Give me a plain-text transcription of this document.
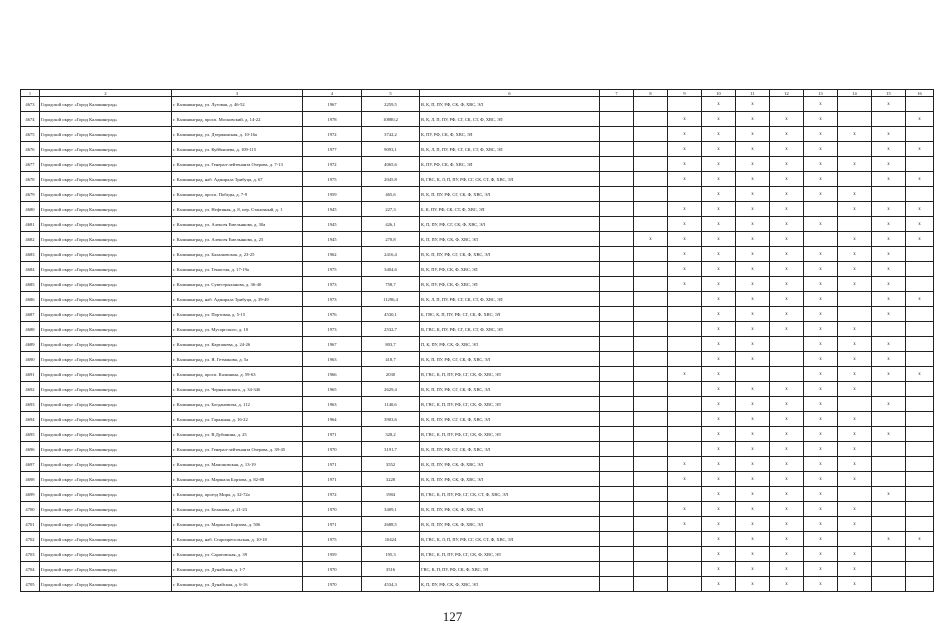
1	2	3	4	5	6	7	8	9	10	11	12	13	14	15	16
4673	Городской округ «Город Калининград»	г. Калининград, ул. Луговая, д. 46-52	1967	2259,5	В, К, П, ПУ, РФ, СК, Ф, ХВС, ЭЛ				x	x		x		x	
4674	Городской округ «Город Калининград»	г. Калининград, просп. Московский, д. 14-22	1978	10880,2	В, К, Л, П, ПУ, РФ, СГ, СК, СТ, Ф, ХВС, ЭЛ			x	x	x	x	x			x
4675	Городской округ «Город Калининград»	г. Калининград, ул. Дзержинская, д. 10-16а	1972	3742,2	К, ПУ, РФ, СК, Ф, ХВС, ЭЛ			x	x	x	x	x	x	x	
4676	Городской округ «Город Калининград»	г. Калининград, ул. Куйбышева, д. 109-115	1977	9093,1	В, К, Л, П, ПУ, РФ, СГ, СК, СТ, Ф, ХВС, ЭЛ			x	x	x	x	x		x	x
4677	Городской округ «Город Калининград»	г. Калининград, ул. Генерал-лейтенанта Озерова, д. 7-13	1972	4065,6	К, ПУ, РФ, СК, Ф, ХВС, ЭЛ			x	x	x	x	x	x	x	
4678	Городской округ «Город Калининград»	г. Калининград, наб. Адмирала Трибуца, д. 67	1975	2045,8	В, ГВС, К, Л, П, ПУ, РФ, СГ, СК, СТ, Ф, ХВС, ЭЛ			x	x	x	x	x		x	x
4679	Городской округ «Город Калининград»	г. Калининград, просп. Победы, д. 7-9	1959	465,6	В, К, П, ПУ, РФ, СГ, СК, Ф, ХВС, ЭЛ				x	x	x	x	x		
4680	Городской округ «Город Калининград»	г. Калининград, ул. Нефтяная, д. 8, пер. Станочный, д. 1	1945	227,3	Б, К, ПУ, РФ, СК, СТ, Ф, ХВС, ЭЛ			x	x	x	x		x	x	x
4681	Городской округ «Город Калининград»	г. Калининград, ул. Алексея Емельянова, д. 30а	1945	426,1	К, П, ПУ, РФ, СГ, СК, Ф, ХВС, ЭЛ			x	x	x	x	x		x	x
4682	Городской округ «Город Калининград»	г. Калининград, ул. Алексея Емельянова, д. 25	1945	270,8	К, П, ПУ, РФ, СК, Ф, ХВС, ЭЛ		x	x	x	x	x		x	x	x
4683	Городской округ «Город Калининград»	г. Калининград, ул. Балашовская, д. 23-25	1962	2416,4	В, К, П, ПУ, РФ, СГ, СК, Ф, ХВС, ЭЛ			x	x	x	x	x	x	x	
4684	Городской округ «Город Калининград»	г. Калининград, ул. Тенистая, д. 17-19а	1975	3404,6	В, К, ПУ, РФ, СК, Ф, ХВС, ЭЛ			x	x	x	x	x	x	x	
4685	Городской округ «Город Калининград»	г. Калининград, ул. Сувестрыханова, д. 36-40	1973	758,7	В, К, ПУ, РФ, СК, Ф, ХВС, ЭЛ			x	x	x	x	x	x	x	
4686	Городской округ «Город Калининград»	г. Калининград, наб. Адмирала Трибуца, д. 39-49	1973	11296,4	В, К, Л, П, ПУ, РФ, СГ, СК, СТ, Ф, ХВС, ЭЛ				x	x	x	x		x	x
4687	Городской округ «Город Калининград»	г. Калининград, ул. Портовая, д. 5-15	1976	4530,1	Б, ГВС, К, П, ПУ, РФ, СГ, СК, Ф, ХВС, ЭЛ				x	x	x	x		x	
4688	Городской округ «Город Калининград»	г. Калининград, ул. Мусоргского, д. 10	1973	2532,7	В, ГВС, К, ПУ, РФ, СГ, СК, СТ, Ф, ХВС, ЭЛ				x	x	x	x	x		
4689	Городской округ «Город Калининград»	г. Калининград, ул. Карташева, д. 24-26	1967	803,7	П, К, ПУ, РФ, СК, Ф, ХВС, ЭЛ				x	x		x	x	x	
4690	Городской округ «Город Калининград»	г. Калининград, ул. Я. Гетманова, д. 5а	1963	418,7	В, К, П, ПУ, РФ, СГ, СК, Ф, ХВС, ЭЛ				x	x		x	x	x	
4691	Городской округ «Город Калининград»	г. Калининград, просп. Калинина, д. 59-63	1966	2030	В, ГВС, К, П, ПУ, РФ, СГ, СК, Ф, ХВС, ЭЛ			x	x			x	x	x	x
4692	Городской округ «Город Калининград»	г. Калининград, ул. Черняховского, д. 34-34б	1965	2629,4	В, К, П, ПУ, РФ, СГ, СК, Ф, ХВС, ЭЛ				x	x	x	x	x		
4693	Городской округ «Город Калининград»	г. Калининград, ул. Богдановича, д. 112	1963	1140,6	В, ГВС, К, П, ПУ, РФ, СГ, СК, Ф, ХВС, ЭЛ				x	x	x	x		x	
4694	Городской округ «Город Калининград»	г. Калининград, ул. Гаражная, д. 16-22	1964	3903,6	В, К, П, ПУ, РФ, СГ, СК, Ф, ХВС, ЭЛ				x	x	x	x	x		
4695	Городской округ «Город Калининград»	г. Калининград, ул. В.Дубинина, д. 25	1971	328,2	В, ГВС, К, П, ПУ, РФ, СГ, СК, Ф, ХВС, ЭЛ				x	x	x	x	x	x	
4696	Городской округ «Город Калининград»	г. Калининград, ул. Генерал-лейтенанта Озерова, д. 39-45	1970	3191,7	В, К, П, ПУ, РФ, СГ, СК, Ф, ХВС, ЭЛ				x	x	x	x	x		
4697	Городской округ «Город Калининград»	г. Калининград, ул. Мамоновская, д. 13-19	1971	3552	В, К, П, ПУ, РФ, СК, Ф, ХВС, ЭЛ			x	x	x	x	x	x		
4698	Городской округ «Город Калининград»	г. Калининград, ул. Маршала Борзова, д. 82-88	1971	3228	В, К, П, ПУ, РФ, СК, Ф, ХВС, ЭЛ			x	x	x	x	x	x		
4699	Городской округ «Город Калининград»	г. Калининград, проезд Мира, д. 32-72а	1972	1984	В, ГВС, К, П, ПУ, РФ, СГ, СК, СТ, Ф, ХВС, ЭЛ				x	x	x	x		x	
4700	Городской округ «Город Калининград»	г. Калининград, ул. Беланова, д. 21-23	1970	3409,1	В, К, П, ПУ, РФ, СК, Ф, ХВС, ЭЛ			x	x	x	x	x	x		
4701	Городской округ «Город Калининград»	г. Калининград, ул. Маршала Борзова, д. 506	1971	2688,5	В, К, П, ПУ, РФ, СК, Ф, ХВС, ЭЛ			x	x	x	x	x	x		
4702	Городской округ «Город Калининград»	г. Калининград, наб. Старопрегольская, д. 10-18	1975	10424	В, ГВС, К, Л, П, ПУ, РФ, СГ, СК, СТ, Ф, ХВС, ЭЛ				x	x	x	x		x	x
4703	Городской округ «Город Калининград»	г. Калининград, ул. Саратовская, д. 39	1959	195,3	В, ГВС, К, П, ПУ, РФ, СГ, СК, Ф, ХВС, ЭЛ				x	x	x	x	x		
4704	Городской округ «Город Калининград»	г. Калининград, ул. Дунайская, д. 1-7	1970	3516	ГВС, К, П, ПУ, РФ, СК, Ф, ХВС, ЭЛ				x	x	x	x	x		
4705	Городской округ «Город Калининград»	г. Калининград, ул. Дунайская, д. 6-16	1970	4534,3	К, П, ПУ, РФ, СК, Ф, ХВС, ЭЛ				x	x	x	x	x		
127
